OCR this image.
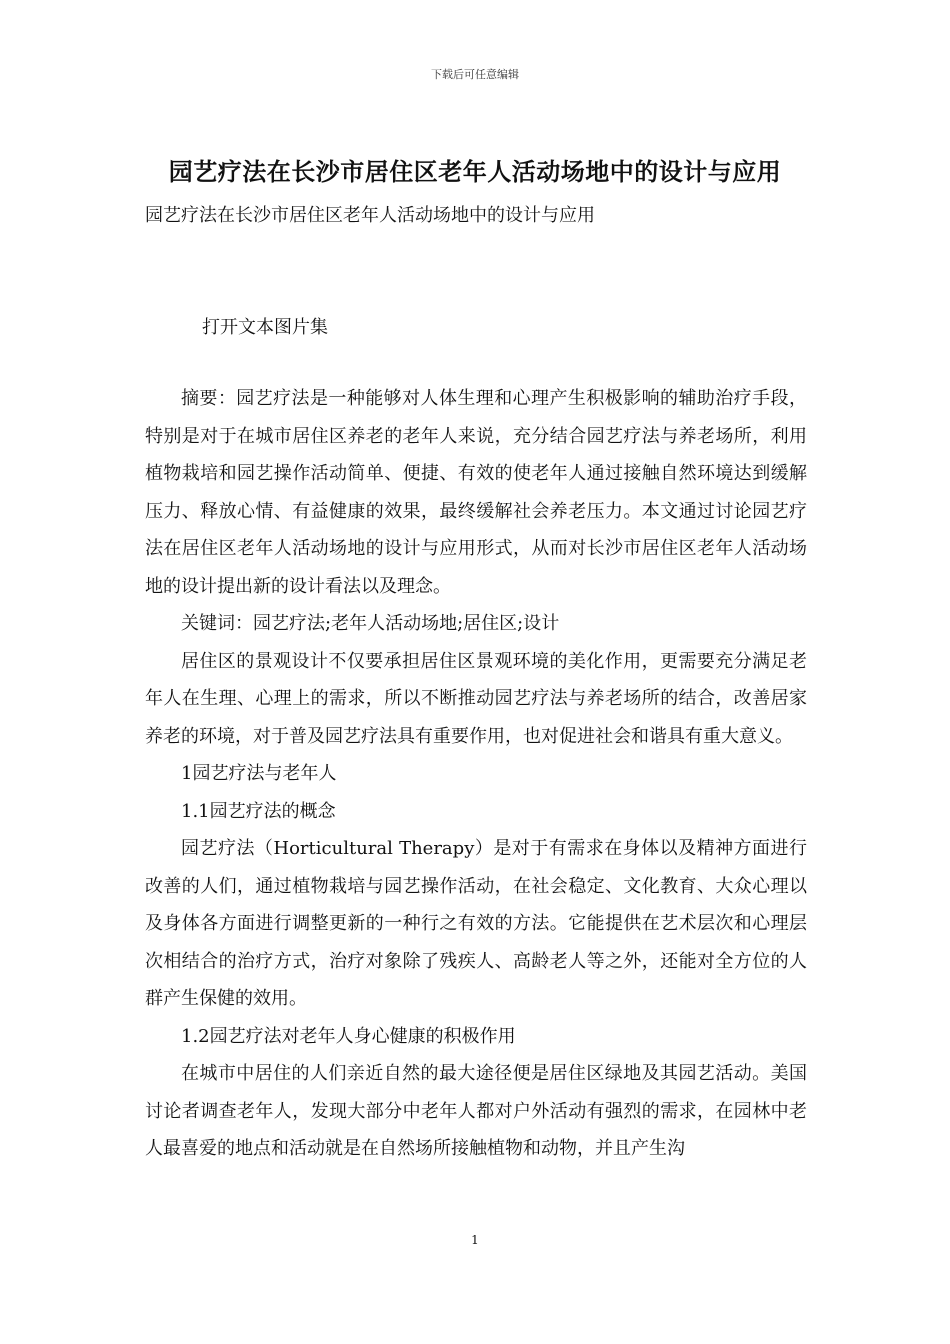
下载后可任意编辑
园艺疗法在长沙市居住区老年人活动场地中的设计与应用
园艺疗法在长沙市居住区老年人活动场地中的设计与应用
打开文本图片集

摘要：园艺疗法是一种能够对人体生理和心理产生积极影响的辅助治疗手段，特别是对于在城市居住区养老的老年人来说，充分结合园艺疗法与养老场所，利用植物栽培和园艺操作活动简单、便捷、有效的使老年人通过接触自然环境达到缓解压力、释放心情、有益健康的效果，最终缓解社会养老压力。本文通过讨论园艺疗法在居住区老年人活动场地的设计与应用形式，从而对长沙市居住区老年人活动场地的设计提出新的设计看法以及理念。

关键词：园艺疗法;老年人活动场地;居住区;设计

居住区的景观设计不仅要承担居住区景观环境的美化作用，更需要充分满足老年人在生理、心理上的需求，所以不断推动园艺疗法与养老场所的结合，改善居家养老的环境，对于普及园艺疗法具有重要作用，也对促进社会和谐具有重大意义。

1园艺疗法与老年人

1.1园艺疗法的概念

园艺疗法（Horticultural Therapy）是对于有需求在身体以及精神方面进行改善的人们，通过植物栽培与园艺操作活动，在社会稳定、文化教育、大众心理以及身体各方面进行调整更新的一种行之有效的方法。它能提供在艺术层次和心理层次相结合的治疗方式，治疗对象除了残疾人、高龄老人等之外，还能对全方位的人群产生保健的效用。

1.2园艺疗法对老年人身心健康的积极作用

在城市中居住的人们亲近自然的最大途径便是居住区绿地及其园艺活动。美国讨论者调查老年人，发现大部分中老年人都对户外活动有强烈的需求，在园林中老人最喜爱的地点和活动就是在自然场所接触植物和动物，并且产生沟

1
